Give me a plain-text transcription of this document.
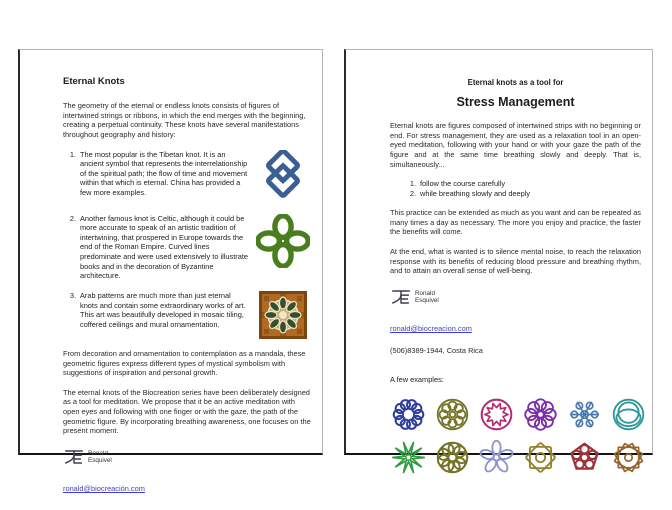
Eternal Knots

The geometry of the eternal or endless knots consists of figures of intertwined strings or ribbons, in which the end merges with the beginning, creating a perpetual continuity. These knots have several manifestations throughout geography and history:

1. The most popular is the Tibetan knot. It is an ancient symbol that represents the interrelationship of the spiritual path; the flow of time and movement within that which is eternal. China has provided a few more examples.
2. Another famous knot is Celtic, although it could be more accurate to speak of an artistic tradition of intertwining, that prospered in Europe towards the end of the Roman Empire. Curved lines predominate and were used extensively to illustrate books and in the decoration of Byzantine architecture.
3. Arab patterns are much more than just eternal knots and contain some extraordinary works of art. This art was beautifully developed in mosaic tiling, coffered ceilings and mural ornamentation.

From decoration and ornamentation to contemplation as a mandala, these geometric figures express different types of mystical symbolism with suggestions of inspiration and personal growth.

The eternal knots of the Biocreation series have been deliberately designed as a tool for meditation. We propose that it be an active meditation with open eyes and following with one finger or with the gaze, the path of the geometric figure. By incorporating breathing awareness, one focuses on the present moment.

Ronald
Esquivel
ronald@biocreación.com
Eternal knots as a tool for
Stress Management

Eternal knots are figures composed of intertwined strips with no beginning or end. For stress management, they are used as a relaxation tool in an open-eyed meditation, following with your hand or with your gaze the path of the figure and at the same time breathing slowly and deeply. That is, simultaneously...

1. follow the course carefully
2. while breathing slowly and deeply

This practice can be extended as much as you want and can be repeated as many times a day as necessary. The more you enjoy and practice, the faster the benefits will come.

At the end, what is wanted is to silence mental noise, to reach the relaxation response with its benefits of reducing blood pressure and breathing rhythm, and to attain an overall sense of well-being.

Ronald
Esquivel
ronald@biocreacion.com
(506)8389-1944, Costa Rica
A few examples:
